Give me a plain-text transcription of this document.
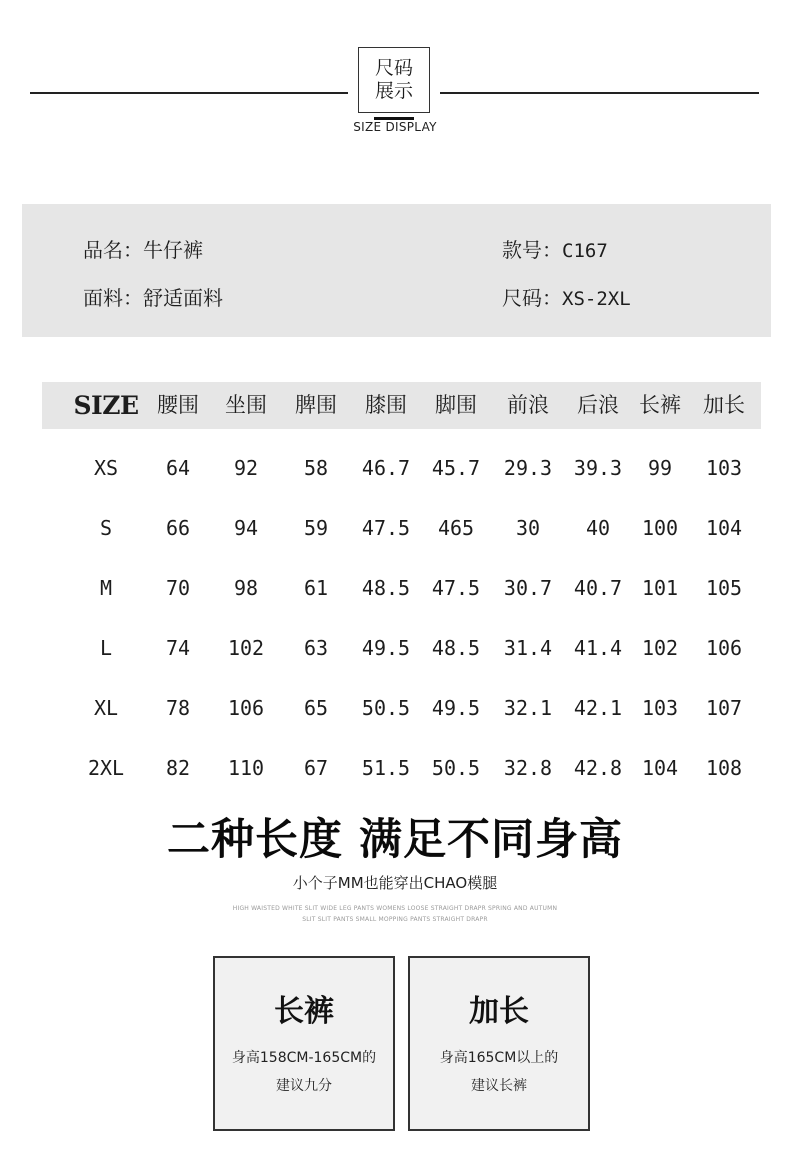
尺码
展示
SIZE DISPLAY
品名：牛仔裤	款号：C167
面料：舒适面料	尺码：XS-2XL
SIZE 腰围 坐围 脾围 膝围 脚围 前浪 后浪 长裤 加长
XS 64 92 58 46.7 45.7 29.3 39.3 99 103
S	66 94 59 47.5 465 30 40 100 104
M	70 98 61 48.5 47.5 30.7 40.7 101 105
L	74 102 63 49.5 48.5 31.4 41.4 102 106
XL 78 106 65 50.5 49.5 32.1 42.1 103 107
2XL 82 110 67 51.5 50.5 32.8 42.8 104 108
二种长度 满足不同身高
小个子MM也能穿出CHAO模腿
HIGH WAISTED WHITE SLIT WIDE LEG PANTS WOMENS LOOSE STRAIGHT DRAPR SPRING AND AUTUMN
SLIT SLIT PANTS SMALL MOPPING PANTS STRAIGHT DRAPR
长裤
身高158CM-165CM的
建议九分
加长
身高165CM以上的
建议长裤
